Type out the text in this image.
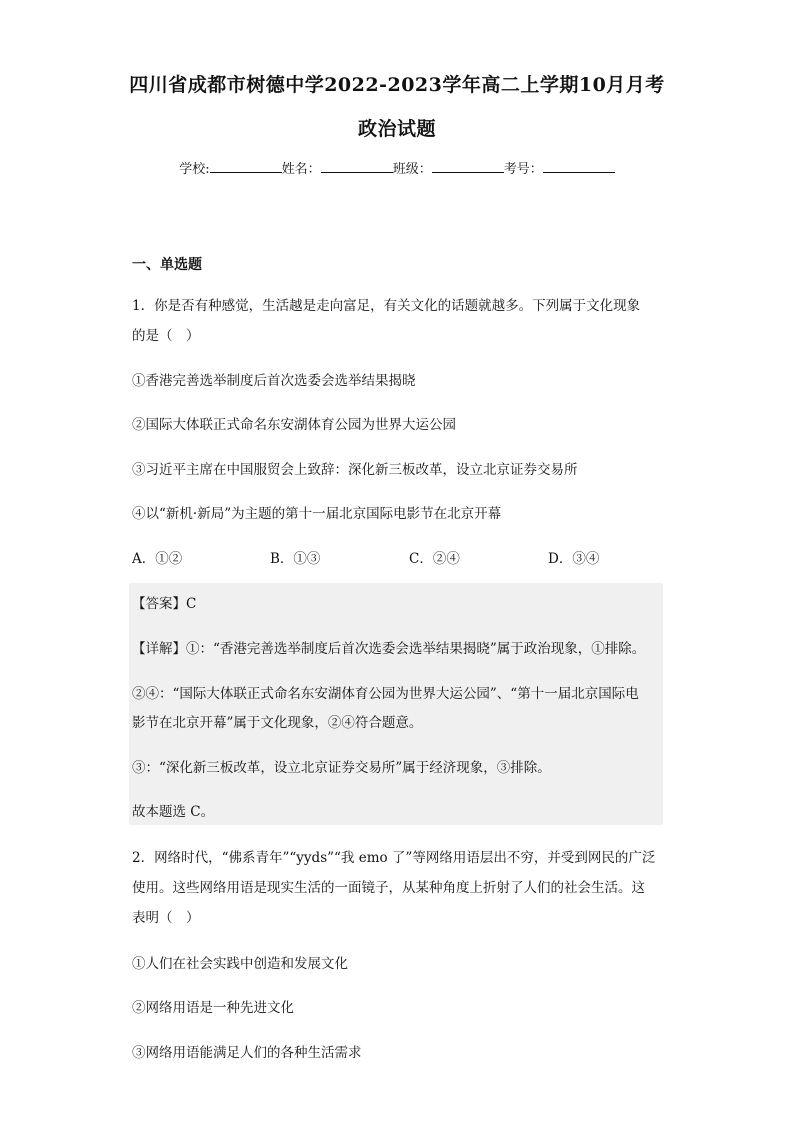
四川省成都市树德中学2022-2023学年高二上学期10月月考
政治试题
学校:	姓名：	班级：	考号：
一、单选题
1．你是否有种感觉，生活越是走向富足，有关文化的话题就越多。下列属于文化现象
的是（　）
①香港完善选举制度后首次选委会选举结果揭晓
②国际大体联正式命名东安湖体育公园为世界大运公园
③习近平主席在中国服贸会上致辞：深化新三板改革，设立北京证券交易所
④以“新机·新局”为主题的第十一届北京国际电影节在北京开幕
A．①②	B．①③	C．②④	D．③④
【答案】C
【详解】①：“香港完善选举制度后首次选委会选举结果揭晓”属于政治现象，①排除。
②④：“国际大体联正式命名东安湖体育公园为世界大运公园”、“第十一届北京国际电
影节在北京开幕”属于文化现象，②④符合题意。
③：“深化新三板改革，设立北京证券交易所”属于经济现象，③排除。
故本题选 C。
2．网络时代，“佛系青年”“yyds”“我 emo 了”等网络用语层出不穷，并受到网民的广泛
使用。这些网络用语是现实生活的一面镜子，从某种角度上折射了人们的社会生活。这
表明（　）
①人们在社会实践中创造和发展文化
②网络用语是一种先进文化
③网络用语能满足人们的各种生活需求
